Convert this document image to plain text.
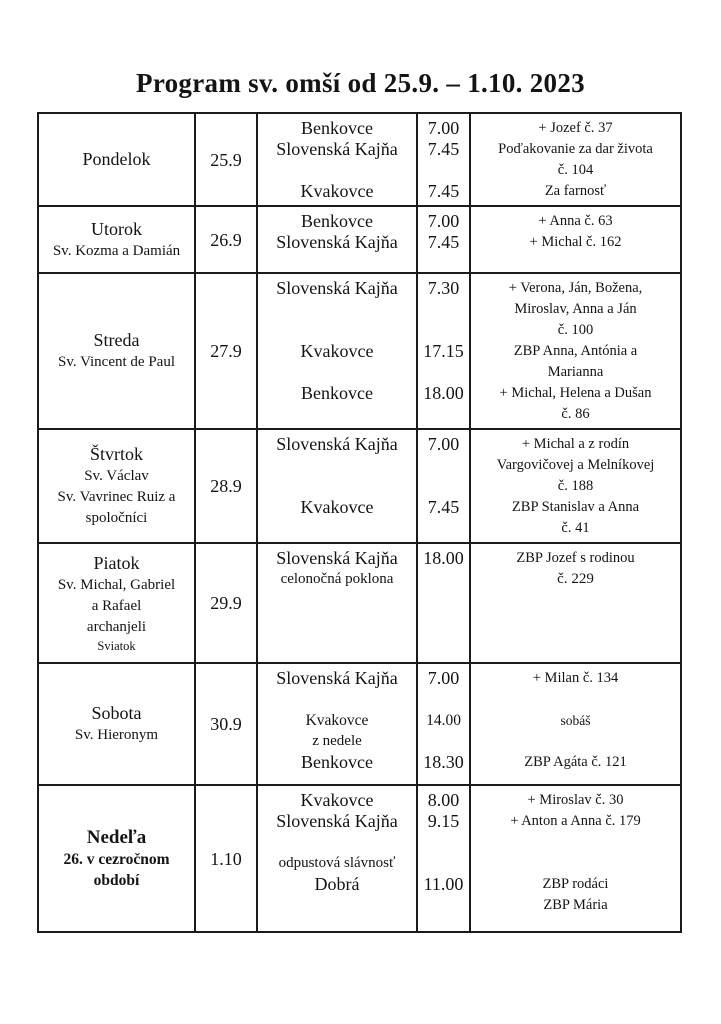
Program sv. omší od 25.9. – 1.10. 2023
Pondelok	25.9
Benkovce
Slovenská Kajňa
Kvakovce
7.00
7.45
7.45
+ Jozef č. 37
Poďakovanie za dar života
č. 104
Za farnosť
Utorok
Sv. Kozma a Damián
26.9
Benkovce
Slovenská Kajňa
7.00
7.45
+ Anna č. 63
+ Michal č. 162
Streda
Sv. Vincent de Paul
27.9
Slovenská Kajňa
Kvakovce
Benkovce
7.30
17.15
18.00
+ Verona, Ján, Božena,
Miroslav, Anna a Ján
č. 100
ZBP Anna, Antónia a
Marianna
+ Michal, Helena a Dušan
č. 86
Štvrtok
Sv. Václav
Sv. Vavrinec Ruiz a
spoločníci
28.9
Slovenská Kajňa
Kvakovce
7.00
7.45
+ Michal a z rodín
Vargovičovej a Melníkovej
č. 188
ZBP Stanislav a Anna
č. 41
Piatok
Sv. Michal, Gabriel
a Rafael
archanjeli
Sviatok
29.9
Slovenská Kajňa
celonočná poklona
18.00	ZBP Jozef s rodinou
č. 229
Sobota
Sv. Hieronym
30.9
Slovenská Kajňa
Kvakovce
z nedele
Benkovce
7.00
14.00
18.30
+ Milan č. 134
sobáš
ZBP Agáta č. 121
Nedeľa
26. v cezročnom
období
1.10
Kvakovce
Slovenská Kajňa
odpustová slávnosť
Dobrá
8.00
9.15
11.00
+ Miroslav č. 30
+ Anton a Anna č. 179
ZBP rodáci
ZBP Mária
